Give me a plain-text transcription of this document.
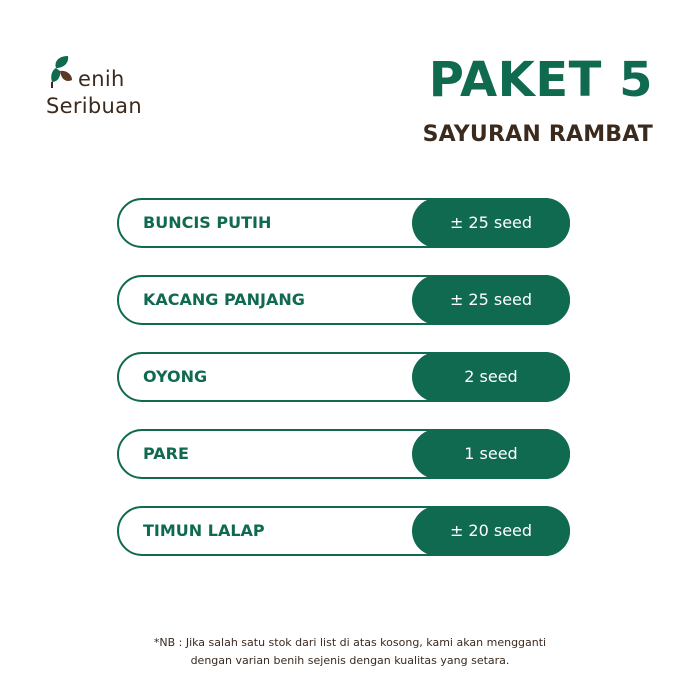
enih
Seribuan	PAKET 5
SAYURAN RAMBAT
BUNCIS PUTIH	± 25 seed
KACANG PANJANG	± 25 seed
OYONG	2 seed
PARE	1 seed
TIMUN LALAP	± 20 seed
*NB : Jika salah satu stok dari list di atas kosong, kami akan mengganti
dengan varian benih sejenis dengan kualitas yang setara.
